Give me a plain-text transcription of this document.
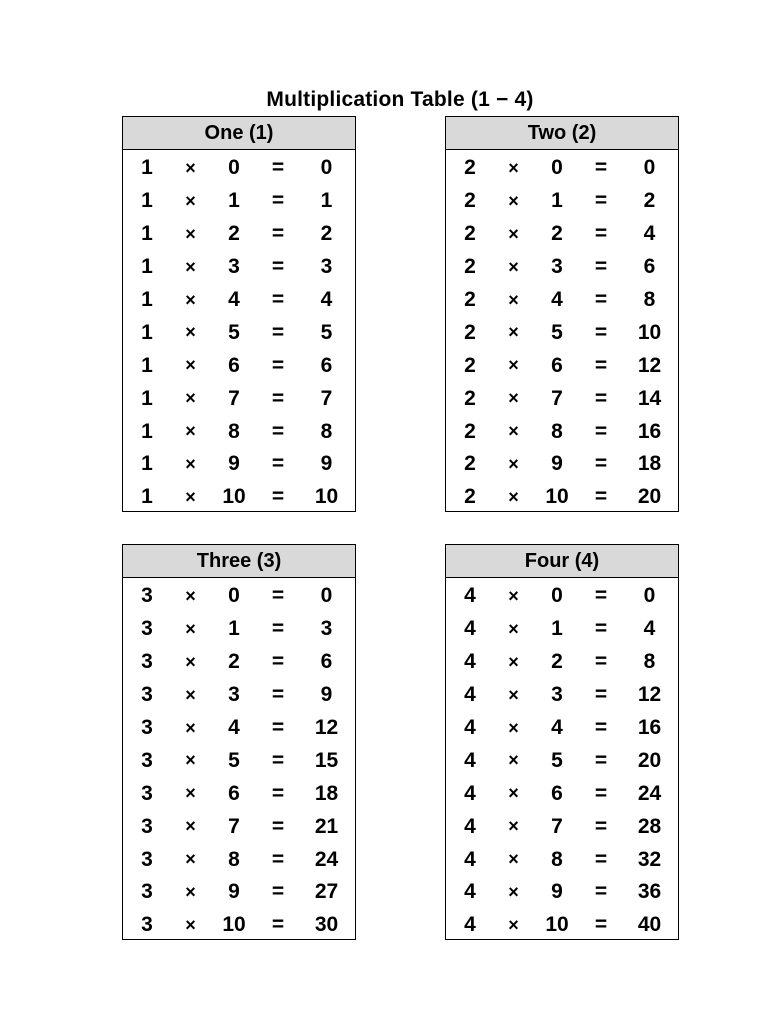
Multiplication Table (1 − 4)
One (1)
1	×	0	=	0
1	×	1	=	1
1	×	2	=	2
1	×	3	=	3
1	×	4	=	4
1	×	5	=	5
1	×	6	=	6
1	×	7	=	7
1	×	8	=	8
1	×	9	=	9
1	×	10	=	10
Two (2)
2	×	0	=	0
2	×	1	=	2
2	×	2	=	4
2	×	3	=	6
2	×	4	=	8
2	×	5	=	10
2	×	6	=	12
2	×	7	=	14
2	×	8	=	16
2	×	9	=	18
2	×	10	=	20
Three (3)
3	×	0	=	0
3	×	1	=	3
3	×	2	=	6
3	×	3	=	9
3	×	4	=	12
3	×	5	=	15
3	×	6	=	18
3	×	7	=	21
3	×	8	=	24
3	×	9	=	27
3	×	10	=	30
Four (4)
4	×	0	=	0
4	×	1	=	4
4	×	2	=	8
4	×	3	=	12
4	×	4	=	16
4	×	5	=	20
4	×	6	=	24
4	×	7	=	28
4	×	8	=	32
4	×	9	=	36
4	×	10	=	40
